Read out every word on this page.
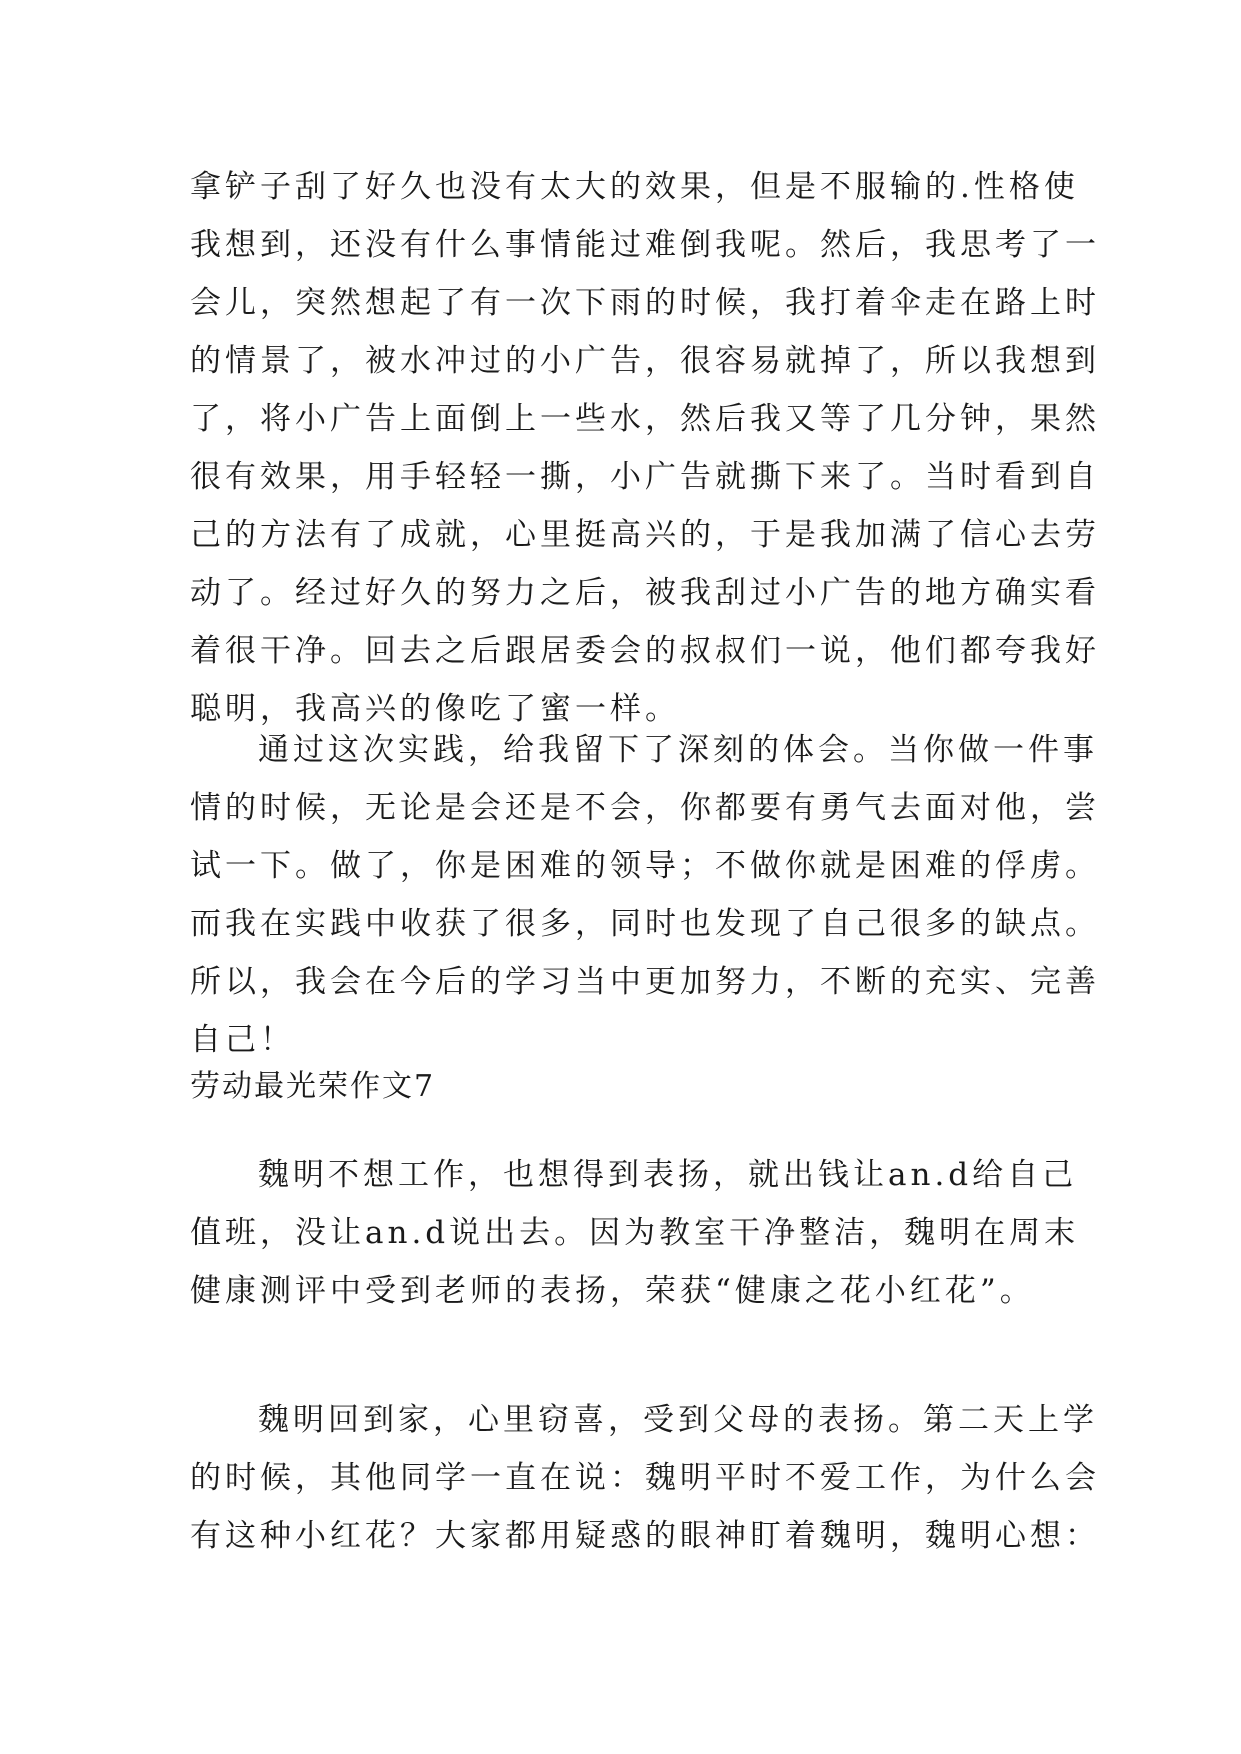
拿铲子刮了好久也没有太大的效果，但是不服输的.性格使
我想到，还没有什么事情能过难倒我呢。然后，我思考了一
会儿，突然想起了有一次下雨的时候，我打着伞走在路上时
的情景了，被水冲过的小广告，很容易就掉了，所以我想到
了，将小广告上面倒上一些水，然后我又等了几分钟，果然
很有效果，用手轻轻一撕，小广告就撕下来了。当时看到自
己的方法有了成就，心里挺高兴的，于是我加满了信心去劳
动了。经过好久的努力之后，被我刮过小广告的地方确实看
着很干净。回去之后跟居委会的叔叔们一说，他们都夸我好
聪明，我高兴的像吃了蜜一样。
通过这次实践，给我留下了深刻的体会。当你做一件事
情的时候，无论是会还是不会，你都要有勇气去面对他，尝
试一下。做了，你是困难的领导；不做你就是困难的俘虏。
而我在实践中收获了很多，同时也发现了自己很多的缺点。
所以，我会在今后的学习当中更加努力，不断的充实、完善
自己！
劳动最光荣作文7
魏明不想工作，也想得到表扬，就出钱让an.d给自己
值班，没让an.d说出去。因为教室干净整洁，魏明在周末
健康测评中受到老师的表扬，荣获“健康之花小红花”。
魏明回到家，心里窃喜，受到父母的表扬。第二天上学
的时候，其他同学一直在说：魏明平时不爱工作，为什么会
有这种小红花？大家都用疑惑的眼神盯着魏明，魏明心想：
